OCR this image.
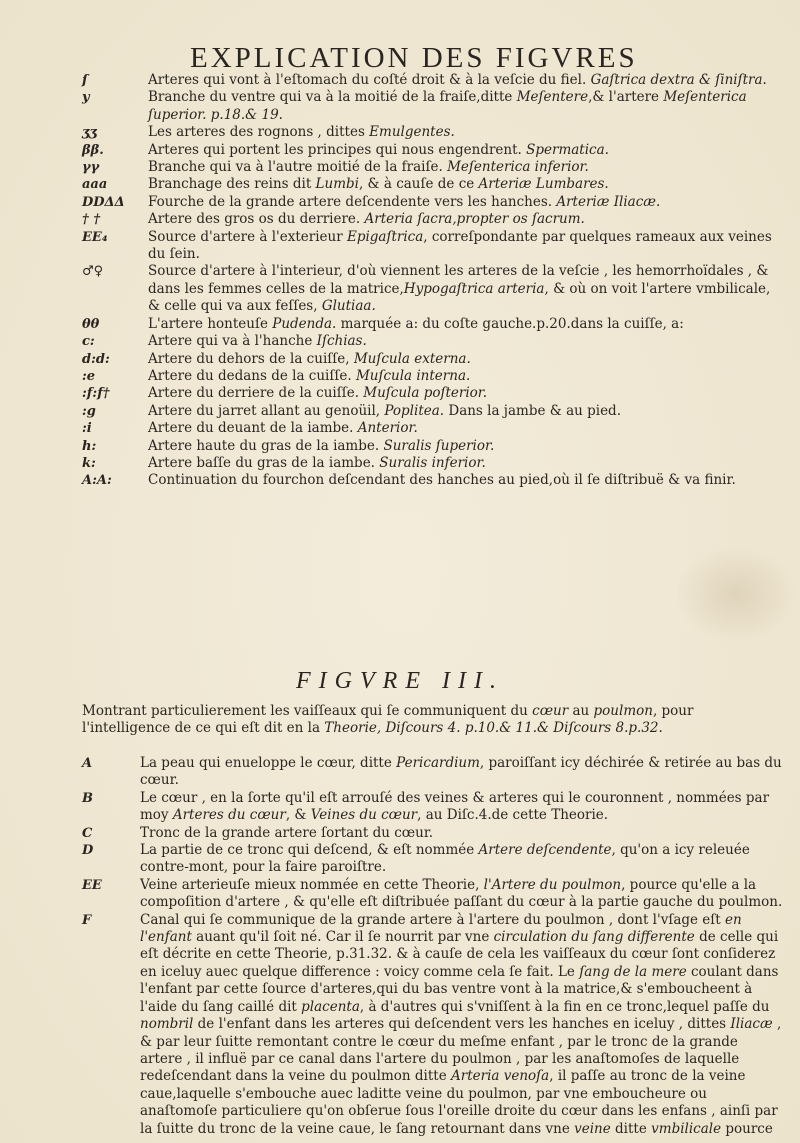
EXPLICATION DES FIGVRES
ſ	Arteres qui vont à l'eſtomach du coſté droit & à la veſcie du fiel. Gaſtrica dextra & ſiniſtra.
y	Branche du ventre qui va à la moitié de la fraiſe,ditte Meſentere,& l'artere Meſenterica ſuperior. p.18.& 19.
ʒʒ	Les arteres des rognons , dittes Emulgentes.
ββ.	Arteres qui portent les principes qui nous engendrent. Spermatica.
γγ	Branche qui va à l'autre moitié de la fraiſe. Meſenterica inferior.
aaa	Branchage des reins dit Lumbi, & à cauſe de ce Arteriæ Lumbares.
DDΔΔ	Fourche de la grande artere deſcendente vers les hanches. Arteriæ Iliacæ.
† †	Artere des gros os du derriere. Arteria ſacra,propter os ſacrum.
EE₄	Source d'artere à l'exterieur Epigaſtrica, correſpondante par quelques rameaux aux veines du ſein.
♂♀	Source d'artere à l'interieur, d'où viennent les arteres de la veſcie , les hemorrhoïdales , & dans les femmes celles de la matrice,Hypogaſtrica arteria, & où on voit l'artere vmbilicale, & celle qui va aux feſſes, Glutiaa.
θθ	L'artere honteuſe Pudenda. marquée a: du coſte gauche.p.20.dans la cuiſſe, a:
c:	Artere qui va à l'hanche Iſchias.
d:d:	Artere du dehors de la cuiſſe, Muſcula externa.
:e	Artere du dedans de la cuiſſe. Muſcula interna.
:f:f†	Artere du derriere de la cuiſſe. Muſcula poſterior.
:g	Artere du jarret allant au genoüil, Poplitea. Dans la jambe & au pied.
:i	Artere du deuant de la iambe. Anterior.
h:	Artere haute du gras de la iambe. Suralis ſuperior.
k:	Artere baſſe du gras de la iambe. Suralis inferior.
A:A:	Continuation du fourchon deſcendant des hanches au pied,où il ſe diſtribuë & va finir.
FIGVRE III.
Montrant particulierement les vaiſſeaux qui ſe communiquent du cœur au poulmon, pour l'intelligence de ce qui eſt dit en la Theorie, Diſcours 4. p.10.& 11.& Diſcours 8.p.32.
A	La peau qui enueloppe le cœur, ditte Pericardium, paroiſſant icy déchirée & retirée au bas du cœur.
B	Le cœur , en la ſorte qu'il eſt arrouſé des veines & arteres qui le couronnent , nommées par moy Arteres du cœur, & Veines du cœur, au Diſc.4.de cette Theorie.
C	Tronc de la grande artere ſortant du cœur.
D	La partie de ce tronc qui deſcend, & eſt nommée Artere deſcendente, qu'on a icy releuée contre-mont, pour la faire paroiſtre.
EE	Veine arterieuſe mieux nommée en cette Theorie, l'Artere du poulmon, pource qu'elle a la compoſition d'artere , & qu'elle eſt diſtribuée paſſant du cœur à la partie gauche du poulmon.
F	Canal qui ſe communique de la grande artere à l'artere du poulmon , dont l'vſage eſt en l'enfant auant qu'il ſoit né. Car il ſe nourrit par vne circulation du ſang differente de celle qui eſt décrite en cette Theorie, p.31.32. & à cauſe de cela les vaiſſeaux du cœur ſont conſiderez en iceluy auec quelque difference : voicy comme cela ſe fait. Le ſang de la mere coulant dans l'enfant par cette ſource d'arteres,qui du bas ventre vont à la matrice,& s'emboucheent à l'aide du ſang caillé dit placenta, à d'autres qui s'vniſſent à la fin en ce tronc,lequel paſſe du nombril de l'enfant dans les arteres qui deſcendent vers les hanches en iceluy , dittes Iliacæ , & par leur ſuitte remontant contre le cœur du meſme enfant , par le tronc de la grande artere , il influë par ce canal dans l'artere du poulmon , par les anaſtomoſes de laquelle redeſcendant dans la veine du poulmon ditte Arteria venoſa, il paſſe au tronc de la veine caue,laquelle s'embouche auec laditte veine du poulmon, par vne emboucheure ou anaſtomoſe particuliere qu'on obſerue ſous l'oreille droite du cœur dans les enfans , ainſi par la ſuitte du tronc de la veine caue, le ſang retournant dans vne veine ditte vmbilicale pource
